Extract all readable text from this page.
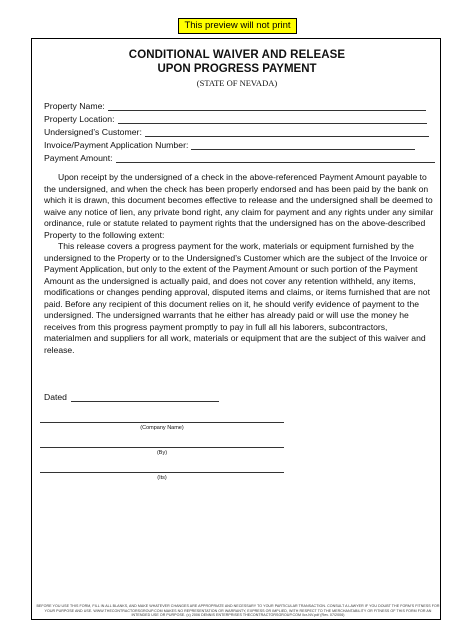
This preview will not print
CONDITIONAL WAIVER AND RELEASE
UPON PROGRESS PAYMENT
(STATE OF NEVADA)
Property Name:
Property Location:
Undersigned’s Customer:
Invoice/Payment Application Number:
Payment Amount:

Upon receipt by the undersigned of a check in the above-referenced Payment Amount payable to the undersigned, and when the check has been properly endorsed and has been paid by the bank on which it is drawn, this document becomes effective to release and the undersigned shall be deemed to waive any notice of lien, any private bond right, any claim for payment and any rights under any similar ordinance, rule or statute related to payment rights that the undersigned has on the above-described Property to the following extent:

This release covers a progress payment for the work, materials or equipment furnished by the undersigned to the Property or to the Undersigned’s Customer which are the subject of the Invoice or Payment Application, but only to the extent of the Payment Amount or such portion of the Payment Amount as the undersigned is actually paid, and does not cover any retention withheld, any items, modifications or changes pending approval, disputed items and claims, or items furnished that are not paid. Before any recipient of this document relies on it, he should verify evidence of payment to the undersigned. The undersigned warrants that he either has already paid or will use the money he receives from this progress payment promptly to pay in full all his laborers, subcontractors, materialmen and suppliers for all work, materials or equipment that are the subject of this waiver and release.

Dated
(Company Name)
(By)
(Its)
BEFORE YOU USE THIS FORM, FILL IN ALL BLANKS, AND MAKE WHATEVER CHANGES ARE APPROPRIATE AND NECESSARY TO YOUR PARTICULAR TRANSACTION. CONSULT A LAWYER IF YOU DOUBT THE FORM'S FITNESS FOR YOUR PURPOSE AND USE. WWW.THECONTRACTORSGROUP.COM MAKES NO REPRESENTATION OR WARRANTY, EXPRESS OR IMPLIED, WITH RESPECT TO THE MERCHANTABILITY OR FITNESS OF THIS FORM FOR AN INTENDED USE OR PURPOSE. (c) 2006 DENNIS ENTERPRISES THECONTRACTORSGROUP.COM /lcr-NV.pdf (Rev. 07/2006)
